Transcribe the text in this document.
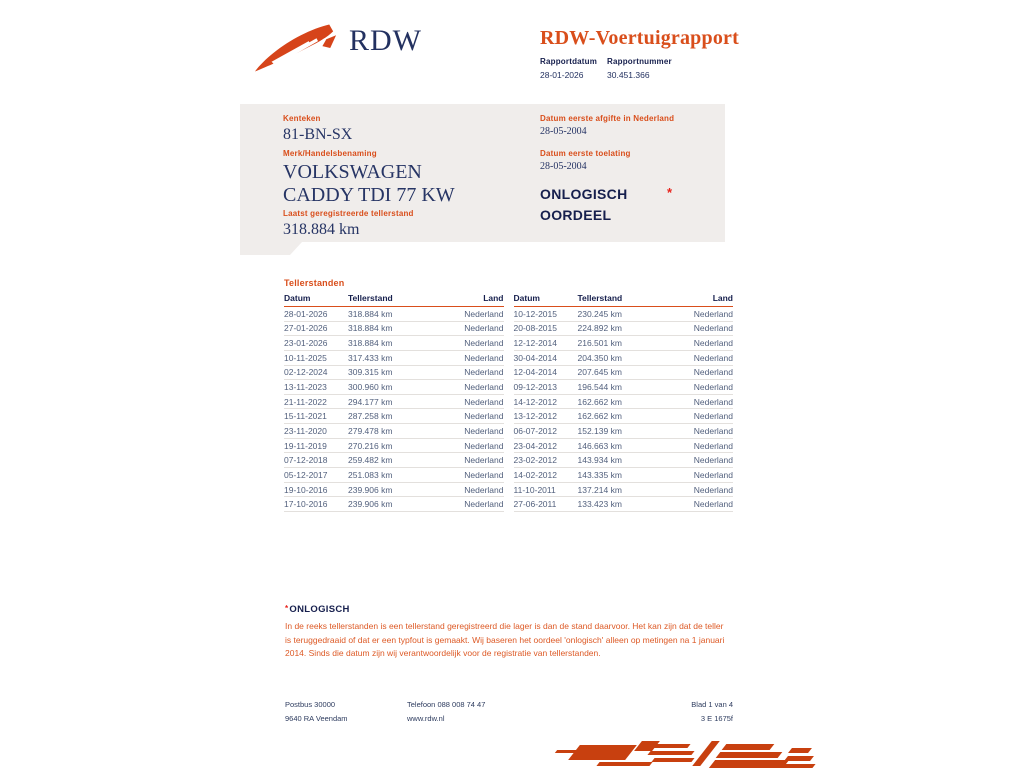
RDW	RDW-Voertuigrapport
Rapportdatum
28-01-2026
Rapportnummer
30.451.366
Kenteken
81-BN-SX
Merk/Handelsbenaming
VOLKSWAGEN
CADDY TDI 77 KW
Laatst geregistreerde tellerstand
318.884 km
Datum eerste afgifte in Nederland
28-05-2004
Datum eerste toelating
28-05-2004
*
ONLOGISCH
OORDEEL
Tellerstanden
Datum	Tellerstand	Land
28-01-2026	318.884 km	Nederland
27-01-2026	318.884 km	Nederland
23-01-2026	318.884 km	Nederland
10-11-2025	317.433 km	Nederland
02-12-2024	309.315 km	Nederland
13-11-2023	300.960 km	Nederland
21-11-2022	294.177 km	Nederland
15-11-2021	287.258 km	Nederland
23-11-2020	279.478 km	Nederland
19-11-2019	270.216 km	Nederland
07-12-2018	259.482 km	Nederland
05-12-2017	251.083 km	Nederland
19-10-2016	239.906 km	Nederland
17-10-2016	239.906 km	Nederland
Datum	Tellerstand	Land
10-12-2015	230.245 km	Nederland
20-08-2015	224.892 km	Nederland
12-12-2014	216.501 km	Nederland
30-04-2014	204.350 km	Nederland
12-04-2014	207.645 km	Nederland
09-12-2013	196.544 km	Nederland
14-12-2012	162.662 km	Nederland
13-12-2012	162.662 km	Nederland
06-07-2012	152.139 km	Nederland
23-04-2012	146.663 km	Nederland
23-02-2012	143.934 km	Nederland
14-02-2012	143.335 km	Nederland
11-10-2011	137.214 km	Nederland
27-06-2011	133.423 km	Nederland
*ONLOGISCH

In de reeks tellerstanden is een tellerstand geregistreerd die lager is dan de stand daarvoor. Het kan zijn dat de teller is teruggedraaid of dat er een typfout is gemaakt. Wij baseren het oordeel 'onlogisch' alleen op metingen na 1 januari 2014. Sinds die datum zijn wij verantwoordelijk voor de registratie van tellerstanden.

Postbus 30000
9640 RA Veendam
Telefoon 088 008 74 47
www.rdw.nl
Blad 1 van 4
3 E 1675f
